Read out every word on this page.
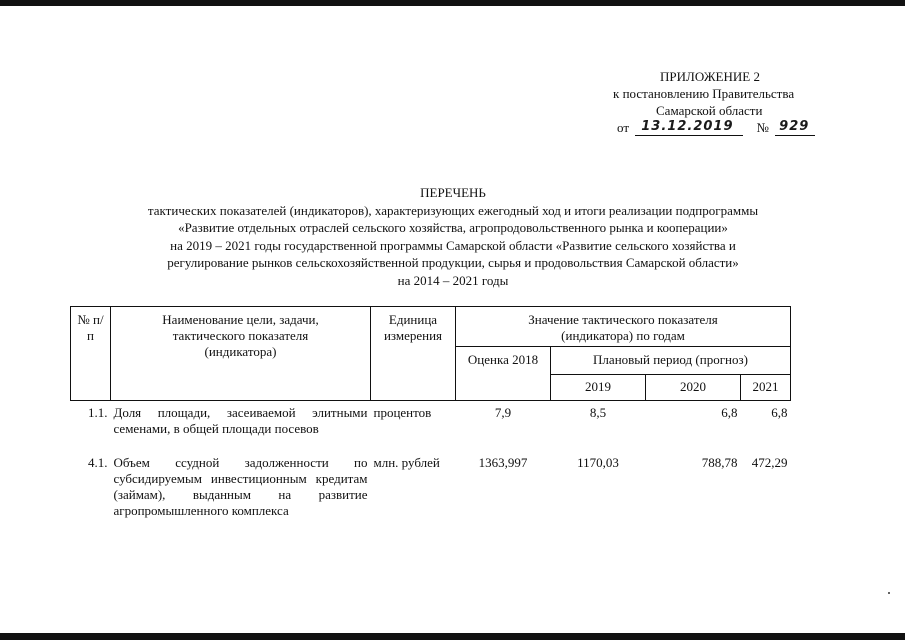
ПРИЛОЖЕНИЕ 2
к постановлению Правительства
Самарской области
от 13.12.2019 № 929
ПЕРЕЧЕНЬ
тактических показателей (индикаторов), характеризующих ежегодный ход и итоги реализации подпрограммы
«Развитие отдельных отраслей сельского хозяйства, агропродовольственного рынка и кооперации»
на 2019 – 2021 годы государственной программы Самарской области «Развитие сельского хозяйства и
регулирование рынков сельскохозяйственной продукции, сырья и продовольствия Самарской области»
на 2014 – 2021 годы
№ п/п	Наименование цели, задачи, тактического показателя (индикатора)	Единица измерения	Значение тактического показателя (индикатора) по годам			
			Оценка 2018	Плановый период (прогноз)		
				2019	2020	2021
1.1.	Доля площади, засеиваемой элитными семенами, в общей площади посевов	процентов	7,9	8,5	6,8	6,8
4.1.	Объем ссудной задолженности по субсидируемым инвестиционным кредитам (займам), выданным на развитие агропромышленного комплекса	млн. рублей	1363,997	1170,03	788,78	472,29
